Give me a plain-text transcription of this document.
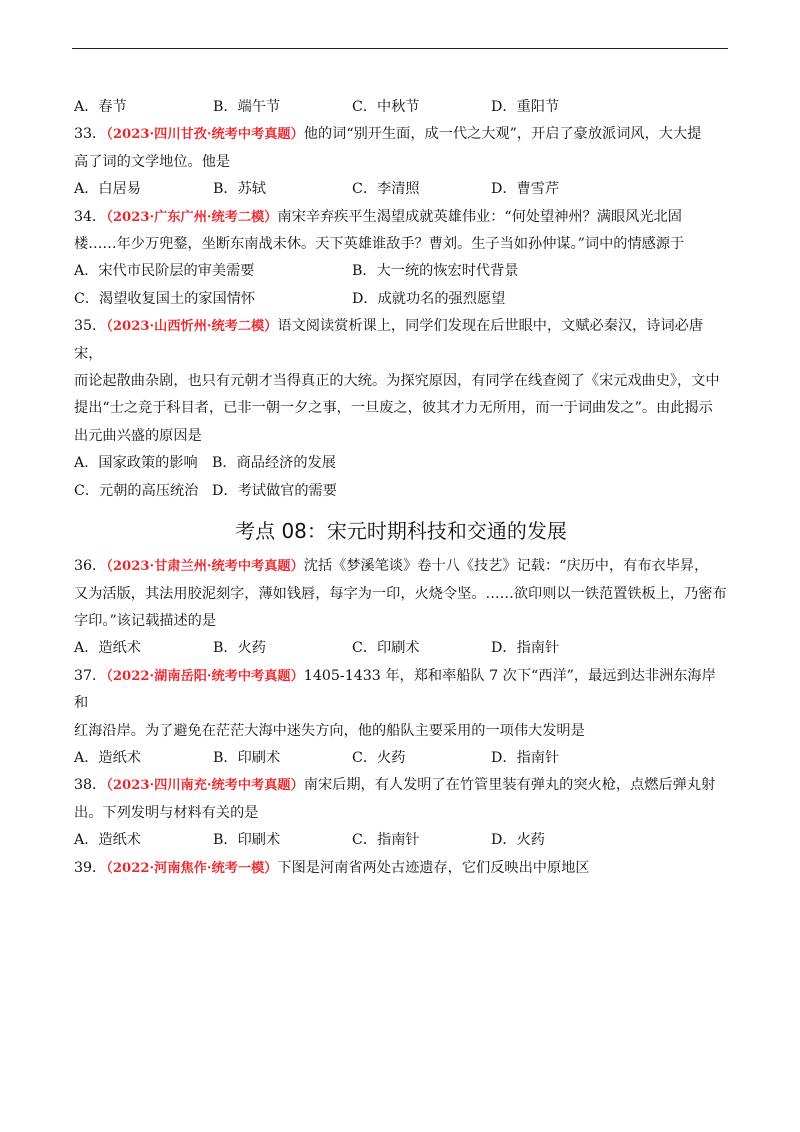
A．春节	B．端午节	C．中秋节	D．重阳节

33．（2023·四川甘孜·统考中考真题）他的词“别开生面，成一代之大观”，开启了豪放派词风，大大提

高了词的文学地位。他是

A．白居易	B．苏轼	C．李清照	D．曹雪芹

34．（2023·广东广州·统考二模）南宋辛弃疾平生渴望成就英雄伟业：“何处望神州？满眼风光北固

楼……年少万兜鍪，坐断东南战未休。天下英雄谁敌手？曹刘。生子当如孙仲谋。”词中的情感源于

A．宋代市民阶层的审美需要	B．大一统的恢宏时代背景
C．渴望收复国土的家国情怀	D．成就功名的强烈愿望

35．（2023·山西忻州·统考二模）语文阅读赏析课上，同学们发现在后世眼中，文赋必秦汉，诗词必唐宋，

而论起散曲杂剧，也只有元朝才当得真正的大统。为探究原因，有同学在线查阅了《宋元戏曲史》，文中

提出“士之竞于科目者，已非一朝一夕之事，一旦废之，彼其才力无所用，而一于词曲发之”。由此揭示

出元曲兴盛的原因是

A．国家政策的影响	B．商品经济的发展
C．元朝的高压统治 D．考试做官的需要
考点 08：宋元时期科技和交通的发展

36．（2023·甘肃兰州·统考中考真题）沈括《梦溪笔谈》卷十八《技艺》记载：“庆历中，有布衣毕昇，

又为活版，其法用胶泥刻字，薄如钱唇，每字为一印，火烧令坚。……欲印则以一铁范置铁板上，乃密布

字印。”该记载描述的是

A．造纸术	B．火药	C．印刷术	D．指南针

37．（2022·湖南岳阳·统考中考真题）1405-1433 年，郑和率船队 7 次下“西洋”，最远到达非洲东海岸和

红海沿岸。为了避免在茫茫大海中迷失方向，他的船队主要采用的一项伟大发明是

A．造纸术	B．印刷术	C．火药	D．指南针

38．（2023·四川南充·统考中考真题）南宋后期，有人发明了在竹管里装有弹丸的突火枪，点燃后弹丸射

出。下列发明与材料有关的是

A．造纸术	B．印刷术	C．指南针	D．火药

39．（2022·河南焦作·统考一模）下图是河南省两处古迹遗存，它们反映出中原地区
